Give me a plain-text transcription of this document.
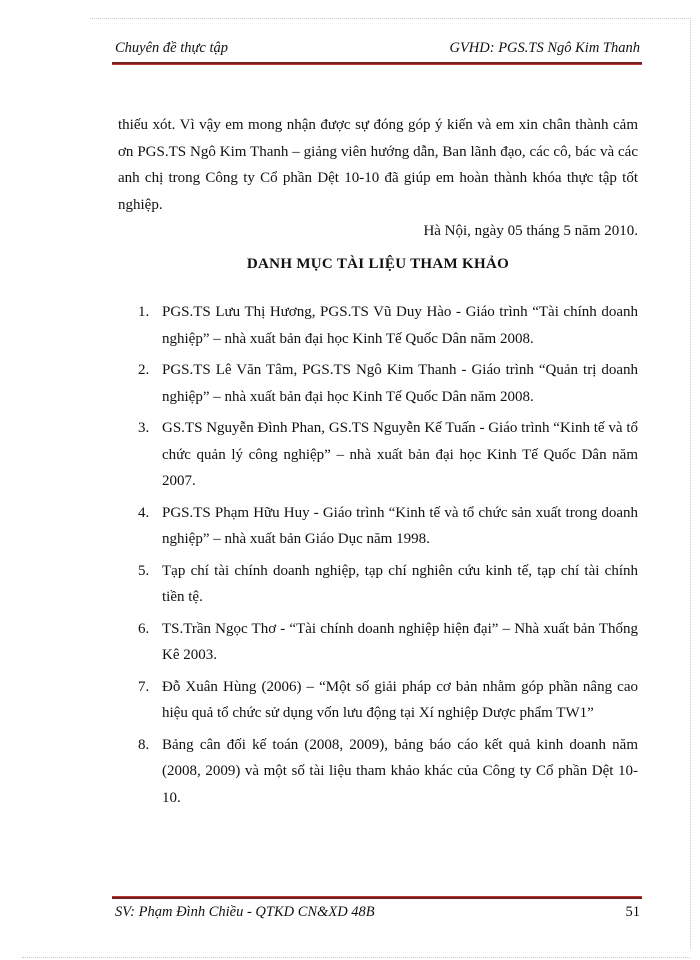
Chuyên đề thực tập	GVHD: PGS.TS Ngô Kim Thanh

thiếu xót. Vì vậy em mong nhận được sự đóng góp ý kiến và em xin chân thành cảm ơn PGS.TS Ngô Kim Thanh – giảng viên hướng dẫn, Ban lãnh đạo, các cô, bác và các anh chị trong Công ty Cổ phần Dệt 10-10 đã giúp em hoàn thành khóa thực tập tốt nghiệp.

Hà Nội, ngày 05 tháng 5 năm 2010.

DANH MỤC TÀI LIỆU THAM KHẢO
1. PGS.TS Lưu Thị Hương, PGS.TS Vũ Duy Hào - Giáo trình “Tài chính doanh nghiệp” – nhà xuất bản đại học Kinh Tế Quốc Dân năm 2008.
2. PGS.TS Lê Văn Tâm, PGS.TS Ngô Kim Thanh - Giáo trình “Quản trị doanh nghiệp” – nhà xuất bản đại học Kinh Tế Quốc Dân năm 2008.
3. GS.TS Nguyễn Đình Phan, GS.TS Nguyễn Kế Tuấn - Giáo trình “Kinh tế và tổ chức quản lý công nghiệp” – nhà xuất bản đại học Kinh Tế Quốc Dân năm 2007.
4. PGS.TS Phạm Hữu Huy - Giáo trình “Kinh tế và tổ chức sản xuất trong doanh nghiệp” – nhà xuất bản Giáo Dục năm 1998.
5. Tạp chí tài chính doanh nghiệp, tạp chí nghiên cứu kinh tế, tạp chí tài chính tiền tệ.
6. TS.Trần Ngọc Thơ - “Tài chính doanh nghiệp hiện đại” – Nhà xuất bản Thống Kê 2003.
7. Đỗ Xuân Hùng (2006) – “Một số giải pháp cơ bản nhằm góp phần nâng cao hiệu quả tổ chức sử dụng vốn lưu động tại Xí nghiệp Dược phẩm TW1”
8. Bảng cân đối kế toán (2008, 2009), bảng báo cáo kết quả kinh doanh năm (2008, 2009) và một số tài liệu tham khảo khác của Công ty Cổ phần Dệt 10-10.
SV: Phạm Đình Chiều - QTKD CN&XD 48B	51
